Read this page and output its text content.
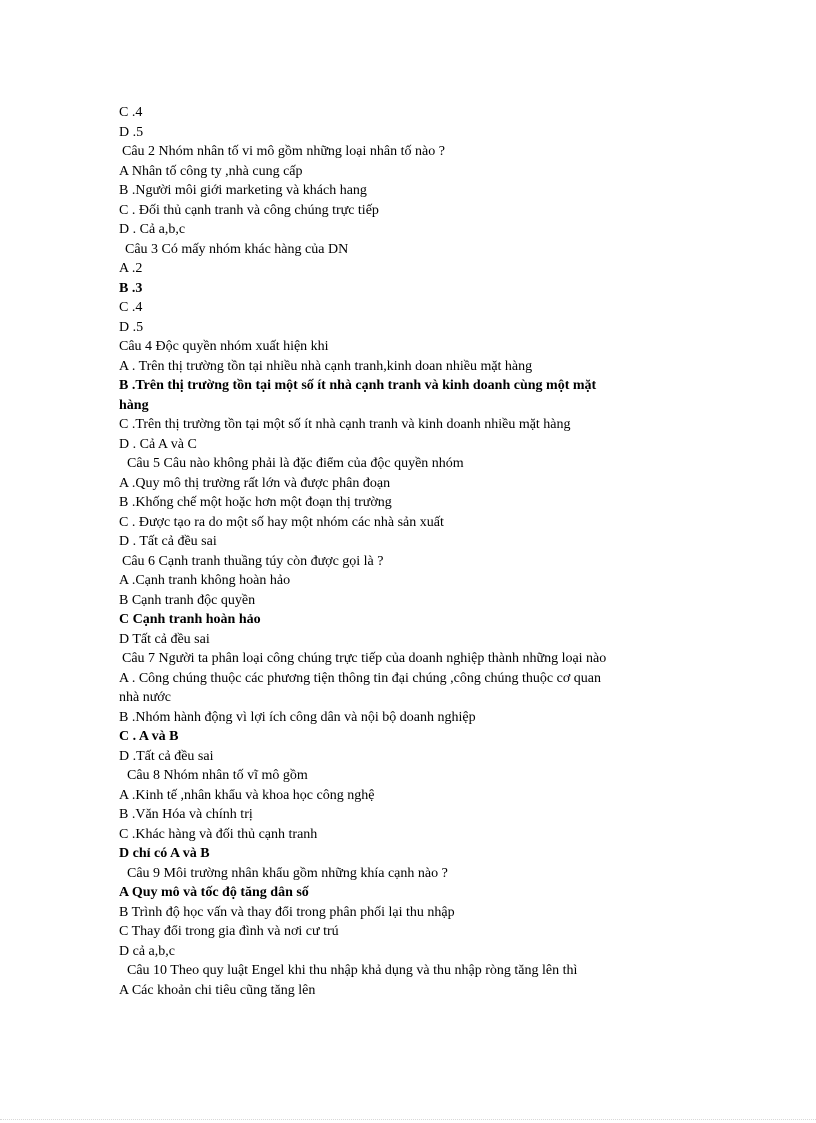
C .4
D .5
Câu 2 Nhóm nhân tố vi mô gồm những loại nhân tố nào ?
A Nhân tố công ty ,nhà cung cấp
B .Người môi giới marketing và khách hang
C . Đối thủ cạnh tranh và công chúng trực tiếp
D . Cả a,b,c
Câu 3 Có mấy nhóm khác hàng của DN
A .2
B .3
C .4
D .5
Câu 4 Độc quyền nhóm xuất hiện khi
A . Trên thị trường tồn tại nhiều nhà cạnh tranh,kinh doan nhiều mặt hàng
B .Trên thị trường tồn tại một số ít nhà cạnh tranh và kinh doanh cùng một mặt
hàng
C .Trên thị trường tồn tại một số ít nhà cạnh tranh và kinh doanh nhiều mặt hàng
D . Cả A và C
Câu 5 Câu nào không phải là đặc điểm của độc quyền nhóm
A .Quy mô thị trường rất lớn và được phân đoạn
B .Khống chế một hoặc hơn một đoạn thị trường
C . Được tạo ra do một số hay một nhóm các nhà sản xuất
D . Tất cả đều sai
Câu 6 Cạnh tranh thuầng túy còn được gọi là ?
A .Cạnh tranh không hoàn hảo
B Cạnh tranh độc quyền
C Cạnh tranh hoàn hảo
D Tất cả đều sai
Câu 7 Người ta phân loại công chúng trực tiếp của doanh nghiệp thành những loại nào
A . Công chúng thuộc các phương tiện thông tin đại chúng ,công chúng thuộc cơ quan
nhà nước
B .Nhóm hành động vì lợi ích công dân và nội bộ doanh nghiệp
C . A và B
D .Tất cả đều sai
Câu 8 Nhóm nhân tố vĩ mô gồm
A .Kinh tế ,nhân khẩu và khoa học công nghệ
B .Văn Hóa và chính trị
C .Khác hàng và đối thủ cạnh tranh
D chỉ có A và B
Câu 9 Môi trường nhân khẩu gồm những khía cạnh nào ?
A Quy mô và tốc độ tăng dân số
B Trình độ học vấn và thay đổi trong phân phối lại thu nhập
C Thay đổi trong gia đình và nơi cư trú
D cả a,b,c
Câu 10 Theo quy luật Engel khi thu nhập khả dụng và thu nhập ròng tăng lên thì
A Các khoản chi tiêu cũng tăng lên
